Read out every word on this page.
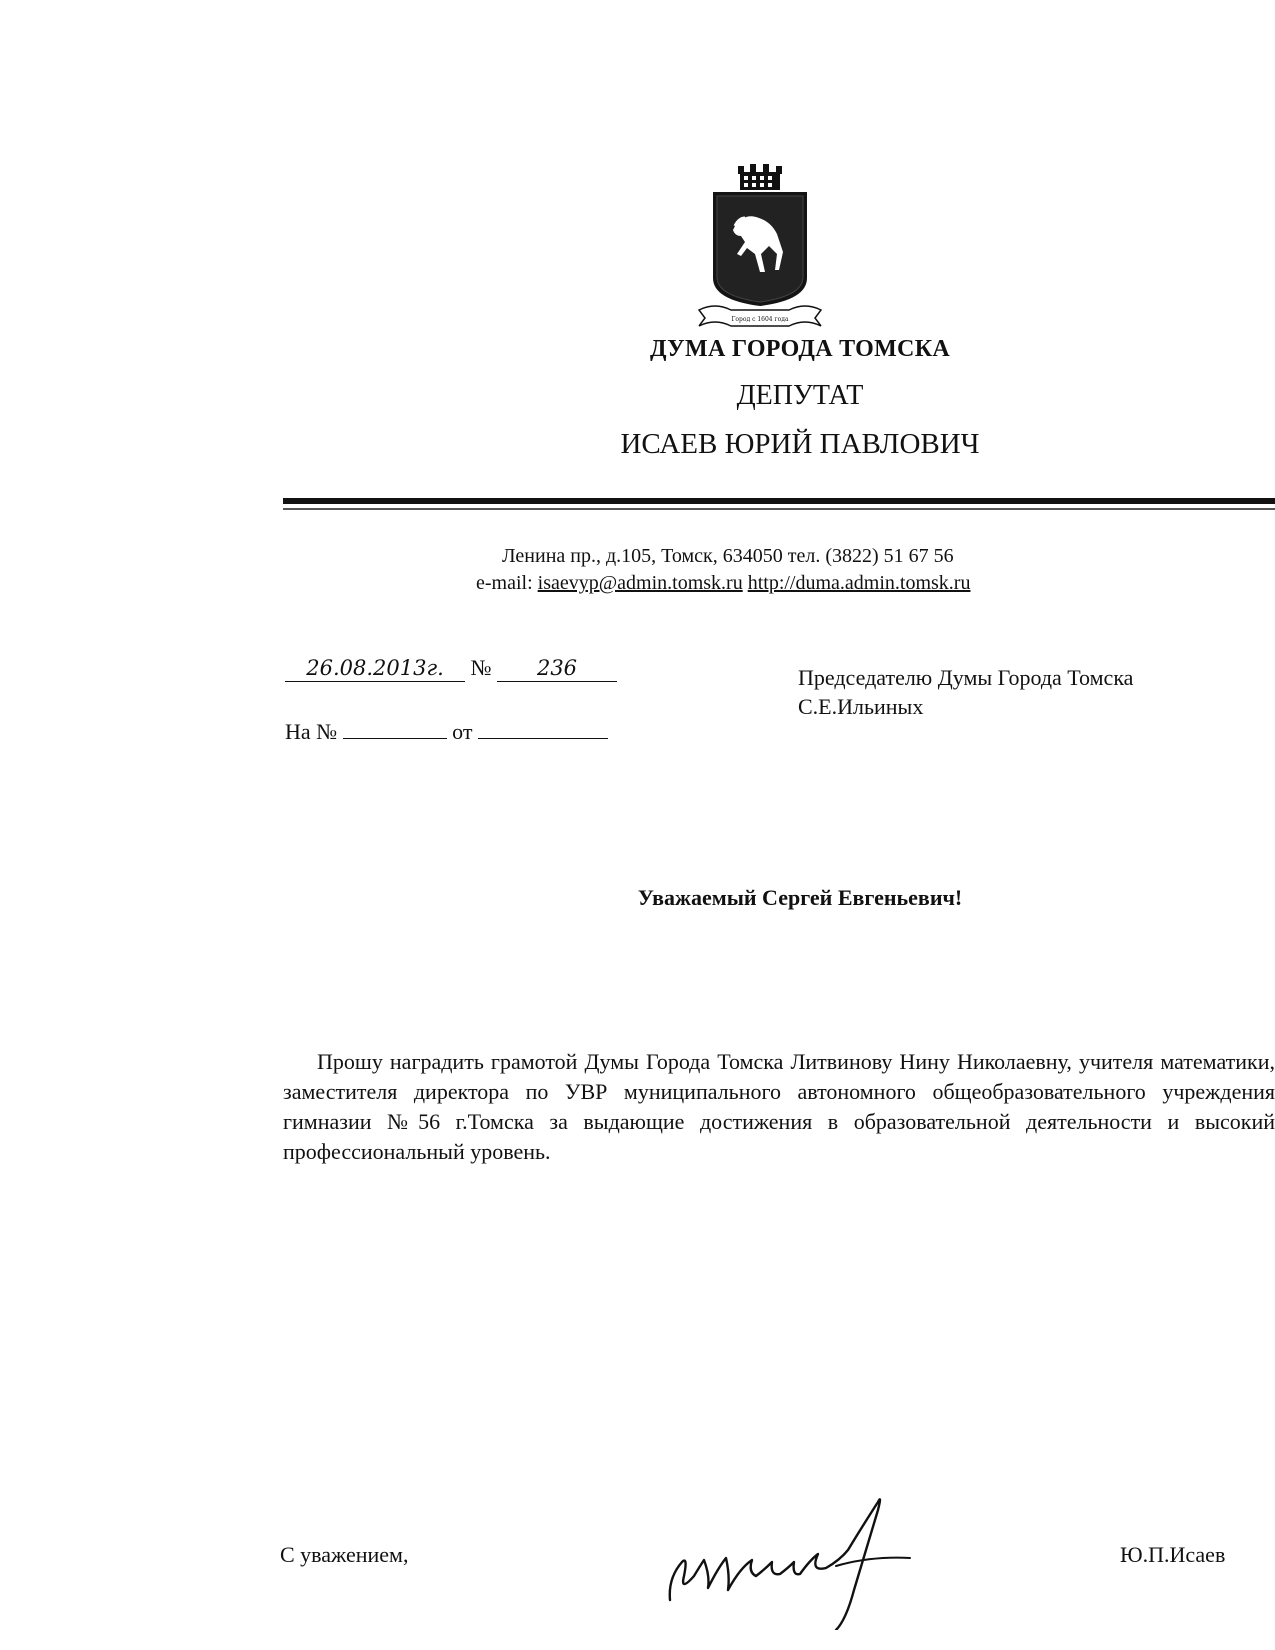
Город с 1604 года
ДУМА ГОРОДА ТОМСКА
ДЕПУТАТ
ИСАЕВ ЮРИЙ ПАВЛОВИЧ
Ленина пр., д.105, Томск, 634050 тел. (3822) 51 67 56
e-mail: isaevyp@admin.tomsk.ru http://duma.admin.tomsk.ru
26.08.2013г. № 236
На №	от
Председателю Думы Города Томска
С.Е.Ильиных
Уважаемый Сергей Евгеньевич!
Прошу наградить грамотой Думы Города Томска Литвинову Нину Николаевну, учителя математики, заместителя директора по УВР муниципального автономного общеобразовательного учреждения гимназии №56 г.Томска за выдающие достижения в образовательной деятельности и высокий профессиональный уровень.
С уважением,	Ю.П.Исаев
